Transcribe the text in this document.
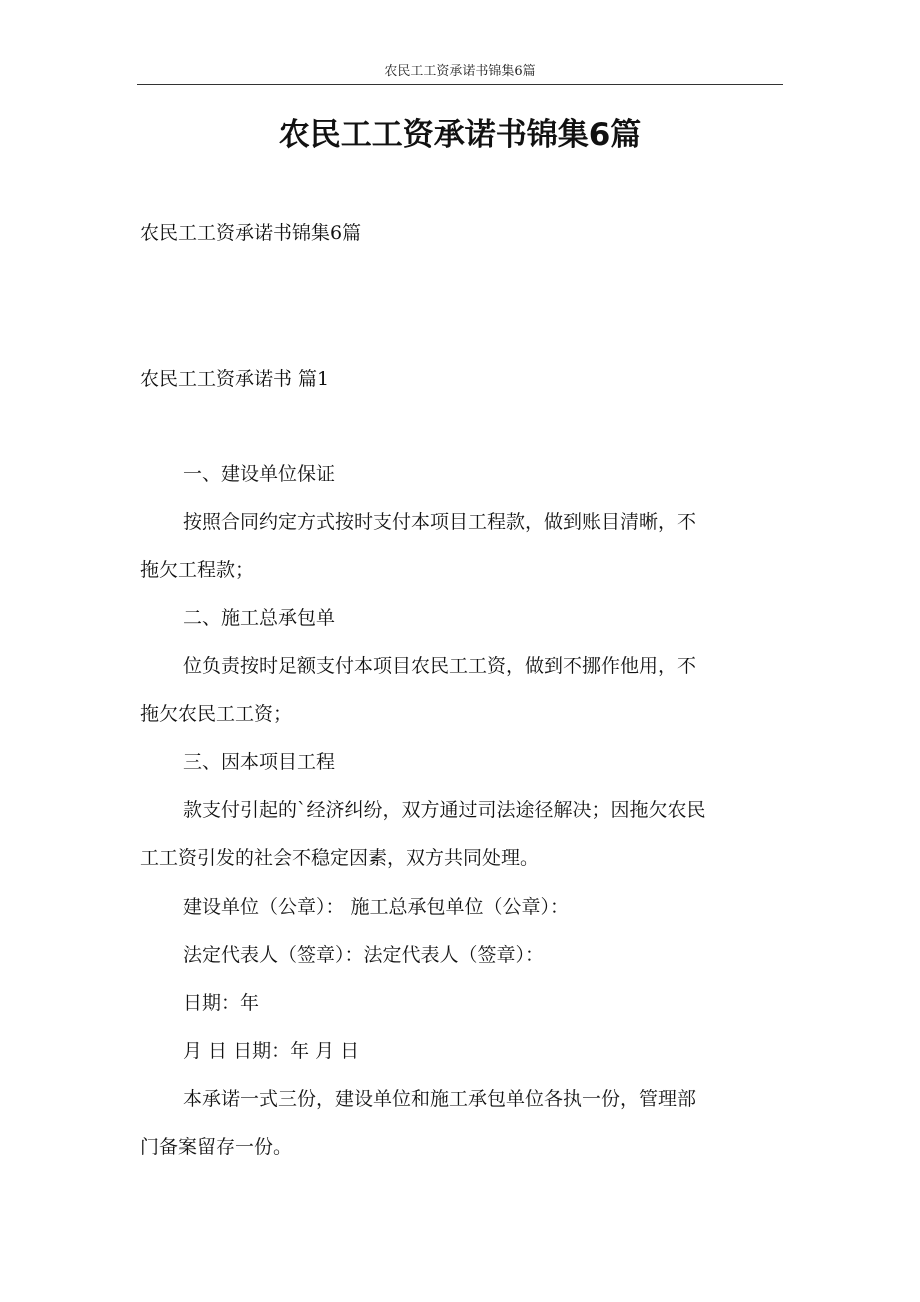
农民工工资承诺书锦集6篇
农民工工资承诺书锦集6篇
农民工工资承诺书锦集6篇
农民工工资承诺书 篇1
一、建设单位保证
按照合同约定方式按时支付本项目工程款，做到账目清晰，不
拖欠工程款；
二、施工总承包单
位负责按时足额支付本项目农民工工资，做到不挪作他用，不
拖欠农民工工资；
三、因本项目工程
款支付引起的`经济纠纷，双方通过司法途径解决；因拖欠农民
工工资引发的社会不稳定因素，双方共同处理。
建设单位（公章）： 施工总承包单位（公章）：
法定代表人（签章）：法定代表人（签章）：
日期：年
月 日 日期：年 月 日
本承诺一式三份，建设单位和施工承包单位各执一份，管理部
门备案留存一份。
